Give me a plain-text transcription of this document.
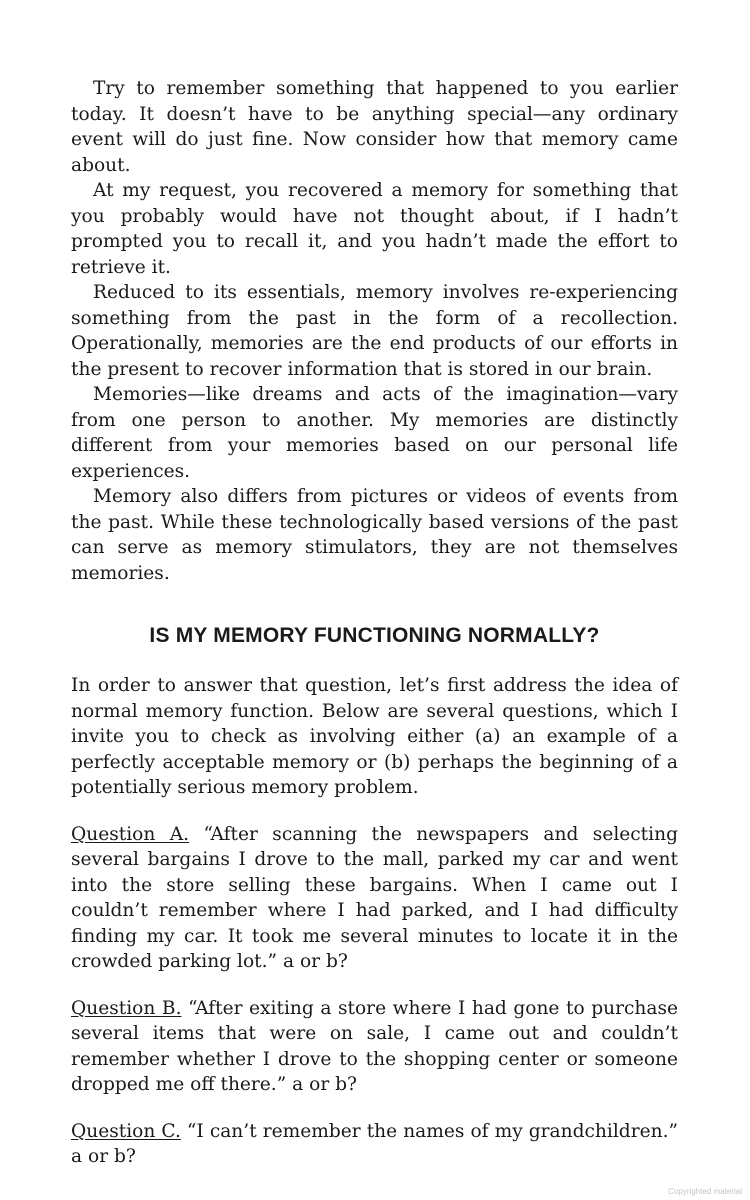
Try to remember something that happened to you earlier today. It doesn’t have to be anything special—any ordinary event will do just fine. Now consider how that memory came about.

At my request, you recovered a memory for something that you probably would have not thought about, if I hadn’t prompted you to recall it, and you hadn’t made the effort to retrieve it.

Reduced to its essentials, memory involves re-experiencing something from the past in the form of a recollection. Operationally, memories are the end products of our efforts in the present to recover information that is stored in our brain.

Memories—like dreams and acts of the imagination—vary from one person to another. My memories are distinctly different from your memories based on our personal life experiences.

Memory also differs from pictures or videos of events from the past. While these technologically based versions of the past can serve as memory stimulators, they are not themselves memories.

IS MY MEMORY FUNCTIONING NORMALLY?

In order to answer that question, let’s first address the idea of normal memory function. Below are several questions, which I invite you to check as involving either (a) an example of a perfectly acceptable memory or (b) perhaps the beginning of a potentially serious memory problem.

Question A. “After scanning the newspapers and selecting several bargains I drove to the mall, parked my car and went into the store selling these bargains. When I came out I couldn’t remember where I had parked, and I had difficulty finding my car. It took me several minutes to locate it in the crowded parking lot.” a or b?

Question B. “After exiting a store where I had gone to purchase several items that were on sale, I came out and couldn’t remember whether I drove to the shopping center or someone dropped me off there.” a or b?

Question C. “I can’t remember the names of my grandchildren.” a or b?

Copyrighted material
